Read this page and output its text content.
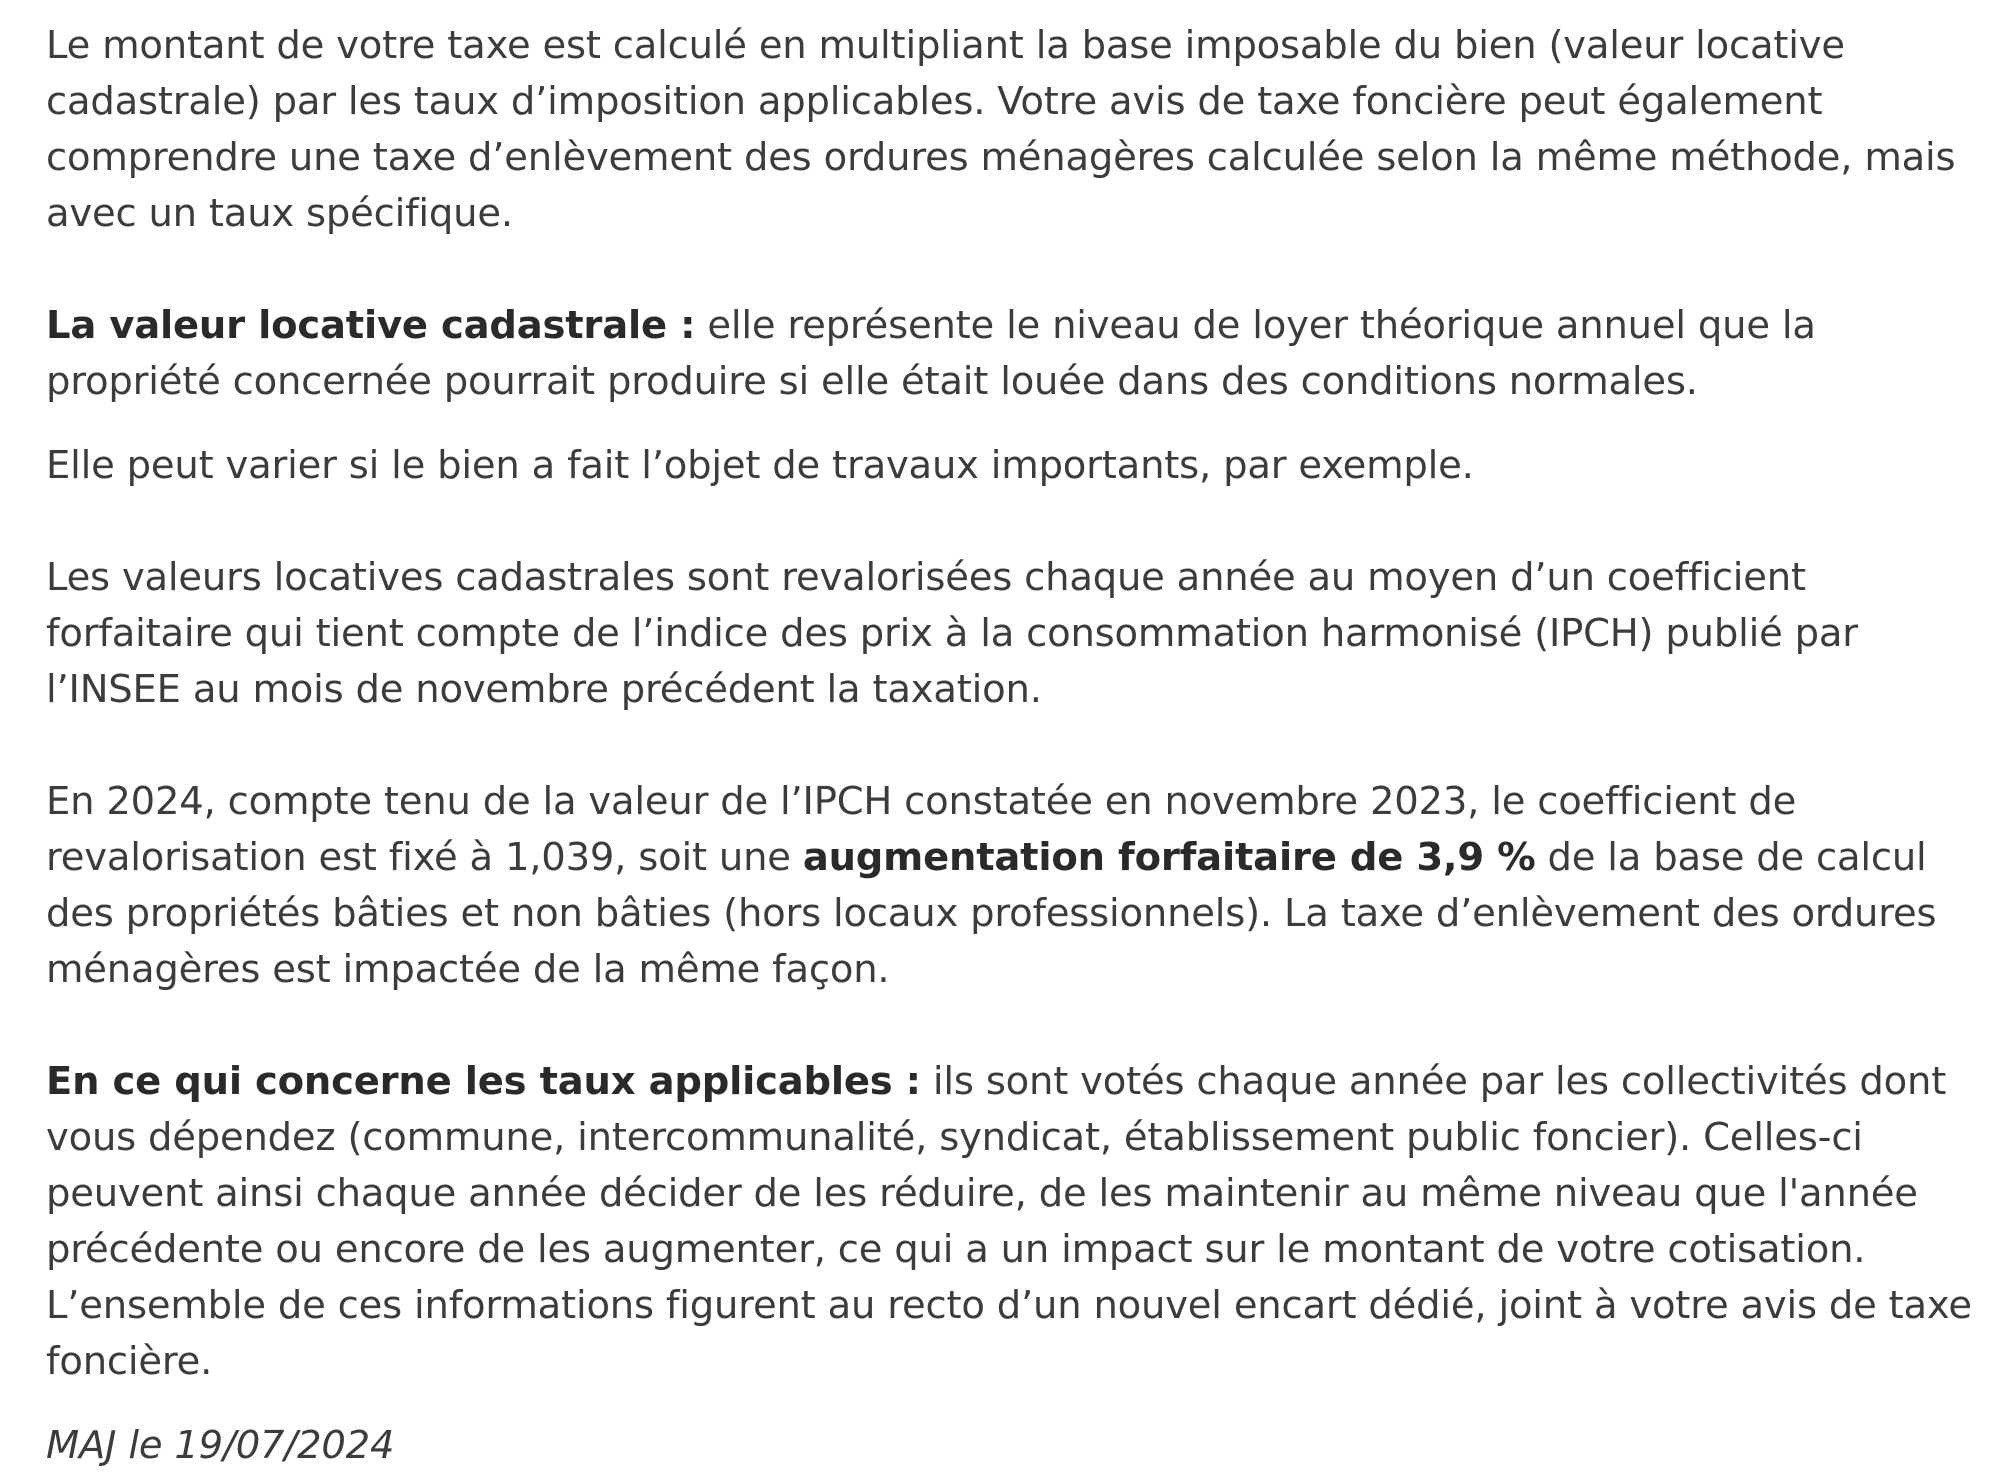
Le montant de votre taxe est calculé en multipliant la base imposable du bien (valeur locative cadastrale) par les taux d’imposition applicables. Votre avis de taxe foncière peut également comprendre une taxe d’enlèvement des ordures ménagères calculée selon la même méthode, mais avec un taux spécifique.

La valeur locative cadastrale : elle représente le niveau de loyer théorique annuel que la propriété concernée pourrait produire si elle était louée dans des conditions normales.

Elle peut varier si le bien a fait l’objet de travaux importants, par exemple.

Les valeurs locatives cadastrales sont revalorisées chaque année au moyen d’un coefficient forfaitaire qui tient compte de l’indice des prix à la consommation harmonisé (IPCH) publié par l’INSEE au mois de novembre précédent la taxation.

En 2024, compte tenu de la valeur de l’IPCH constatée en novembre 2023, le coefficient de revalorisation est fixé à 1,039, soit une augmentation forfaitaire de 3,9 % de la base de calcul des propriétés bâties et non bâties (hors locaux professionnels). La taxe d’enlèvement des ordures ménagères est impactée de la même façon.

En ce qui concerne les taux applicables : ils sont votés chaque année par les collectivités dont vous dépendez (commune, intercommunalité, syndicat, établissement public foncier). Celles-ci peuvent ainsi chaque année décider de les réduire, de les maintenir au même niveau que l'année précédente ou encore de les augmenter, ce qui a un impact sur le montant de votre cotisation.
L’ensemble de ces informations figurent au recto d’un nouvel encart dédié, joint à votre avis de taxe foncière.

MAJ le 19/07/2024
